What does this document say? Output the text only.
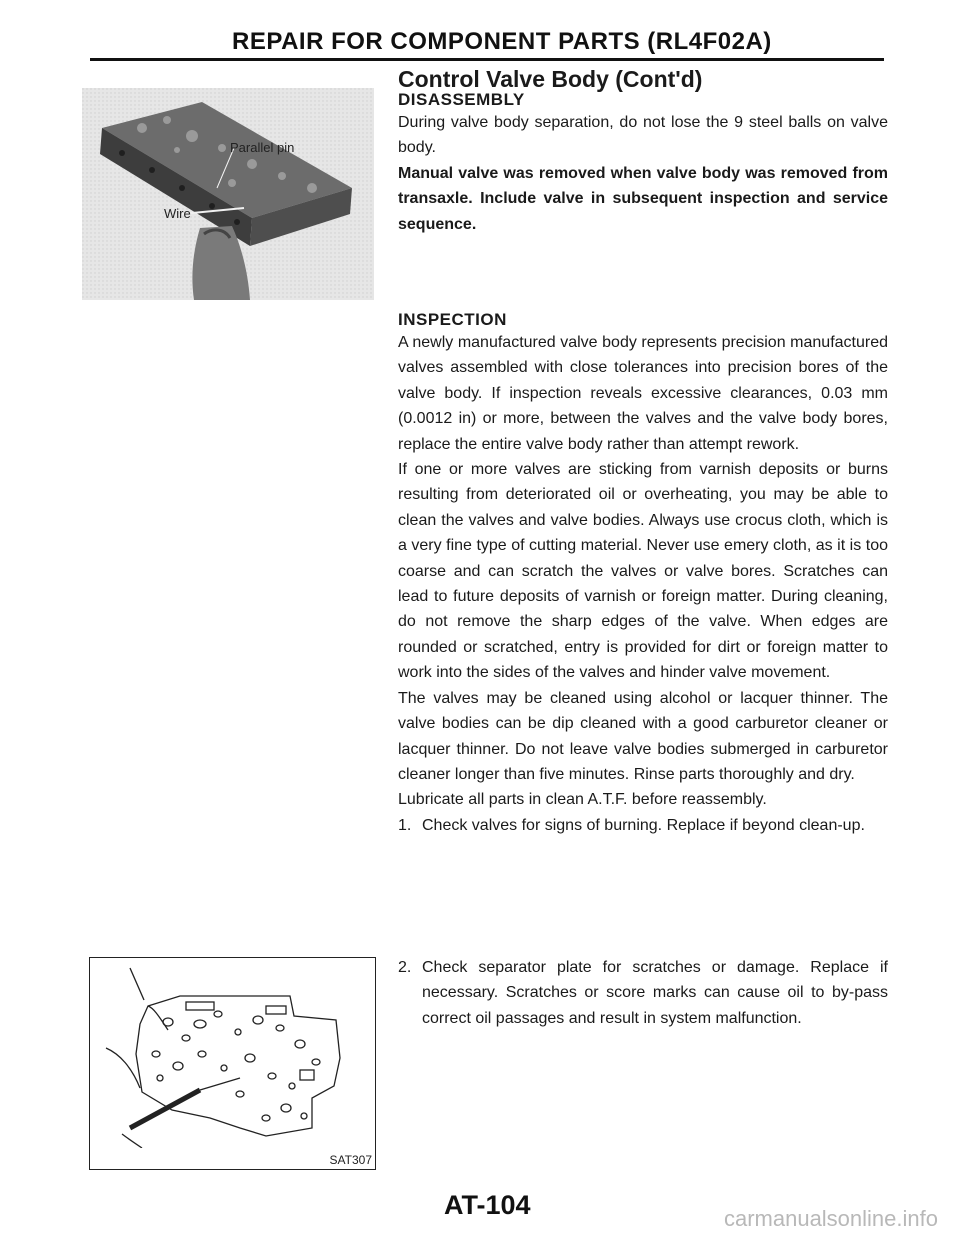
REPAIR FOR COMPONENT PARTS (RL4F02A)
Parallel pin
Wire
SAT307
Control Valve Body (Cont'd)
DISASSEMBLY
During valve body separation, do not lose the 9 steel balls on valve body.
Manual valve was removed when valve body was removed from transaxle. Include valve in subsequent inspection and service sequence.
INSPECTION
A newly manufactured valve body represents precision manufactured valves assembled with close tolerances into precision bores of the valve body. If inspection reveals excessive clearances, 0.03 mm (0.0012 in) or more, between the valves and the valve body bores, replace the entire valve body rather than attempt rework.
If one or more valves are sticking from varnish deposits or burns resulting from deteriorated oil or overheating, you may be able to clean the valves and valve bodies. Always use crocus cloth, which is a very fine type of cutting material. Never use emery cloth, as it is too coarse and can scratch the valves or valve bores. Scratches can lead to future deposits of varnish or foreign matter. During cleaning, do not remove the sharp edges of the valve. When edges are rounded or scratched, entry is provided for dirt or foreign matter to work into the sides of the valves and hinder valve movement.
The valves may be cleaned using alcohol or lacquer thinner. The valve bodies can be dip cleaned with a good carburetor cleaner or lacquer thinner. Do not leave valve bodies submerged in carburetor cleaner longer than five minutes. Rinse parts thoroughly and dry.
Lubricate all parts in clean A.T.F. before reassembly.
1. Check valves for signs of burning. Replace if beyond clean-up.
2. Check separator plate for scratches or damage. Replace if necessary. Scratches or score marks can cause oil to by-pass correct oil passages and result in system malfunction.
AT-104	carmanualsonline.info
